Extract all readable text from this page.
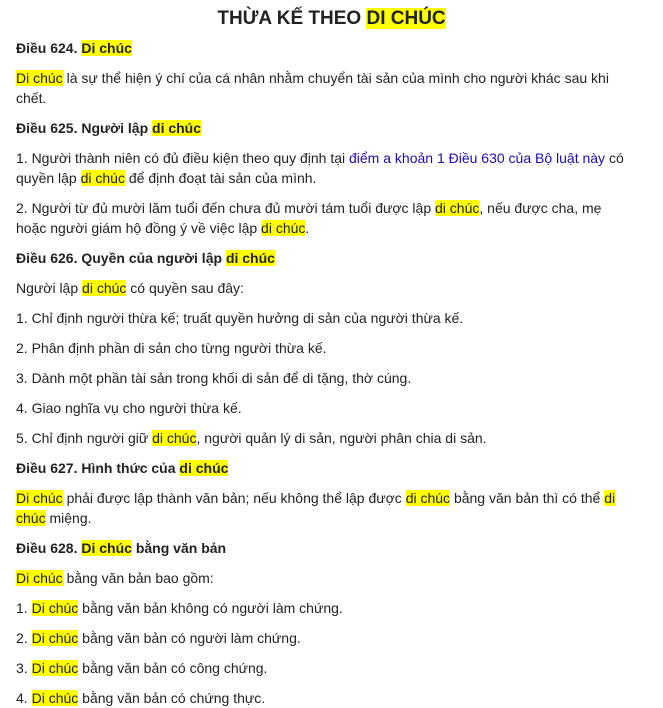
THỪA KẾ THEO DI CHÚC
Điều 624. Di chúc
Di chúc là sự thể hiện ý chí của cá nhân nhằm chuyển tài sản của mình cho người khác sau khi
chết.
Điều 625. Người lập di chúc
1. Người thành niên có đủ điều kiện theo quy định tại điểm a khoản 1 Điều 630 của Bộ luật này có
quyền lập di chúc để định đoạt tài sản của mình.
2. Người từ đủ mười lăm tuổi đến chưa đủ mười tám tuổi được lập di chúc, nếu được cha, mẹ
hoặc người giám hộ đồng ý về việc lập di chúc.
Điều 626. Quyền của người lập di chúc
Người lập di chúc có quyền sau đây:
1. Chỉ định người thừa kế; truất quyền hưởng di sản của người thừa kế.
2. Phân định phần di sản cho từng người thừa kế.
3. Dành một phần tài sản trong khối di sản để di tặng, thờ cúng.
4. Giao nghĩa vụ cho người thừa kế.
5. Chỉ định người giữ di chúc, người quản lý di sản, người phân chia di sản.
Điều 627. Hình thức của di chúc
Di chúc phải được lập thành văn bản; nếu không thể lập được di chúc bằng văn bản thì có thể di
chúc miệng.
Điều 628. Di chúc bằng văn bản
Di chúc bằng văn bản bao gồm:
1. Di chúc bằng văn bản không có người làm chứng.
2. Di chúc bằng văn bản có người làm chứng.
3. Di chúc bằng văn bản có công chứng.
4. Di chúc bằng văn bản có chứng thực.
